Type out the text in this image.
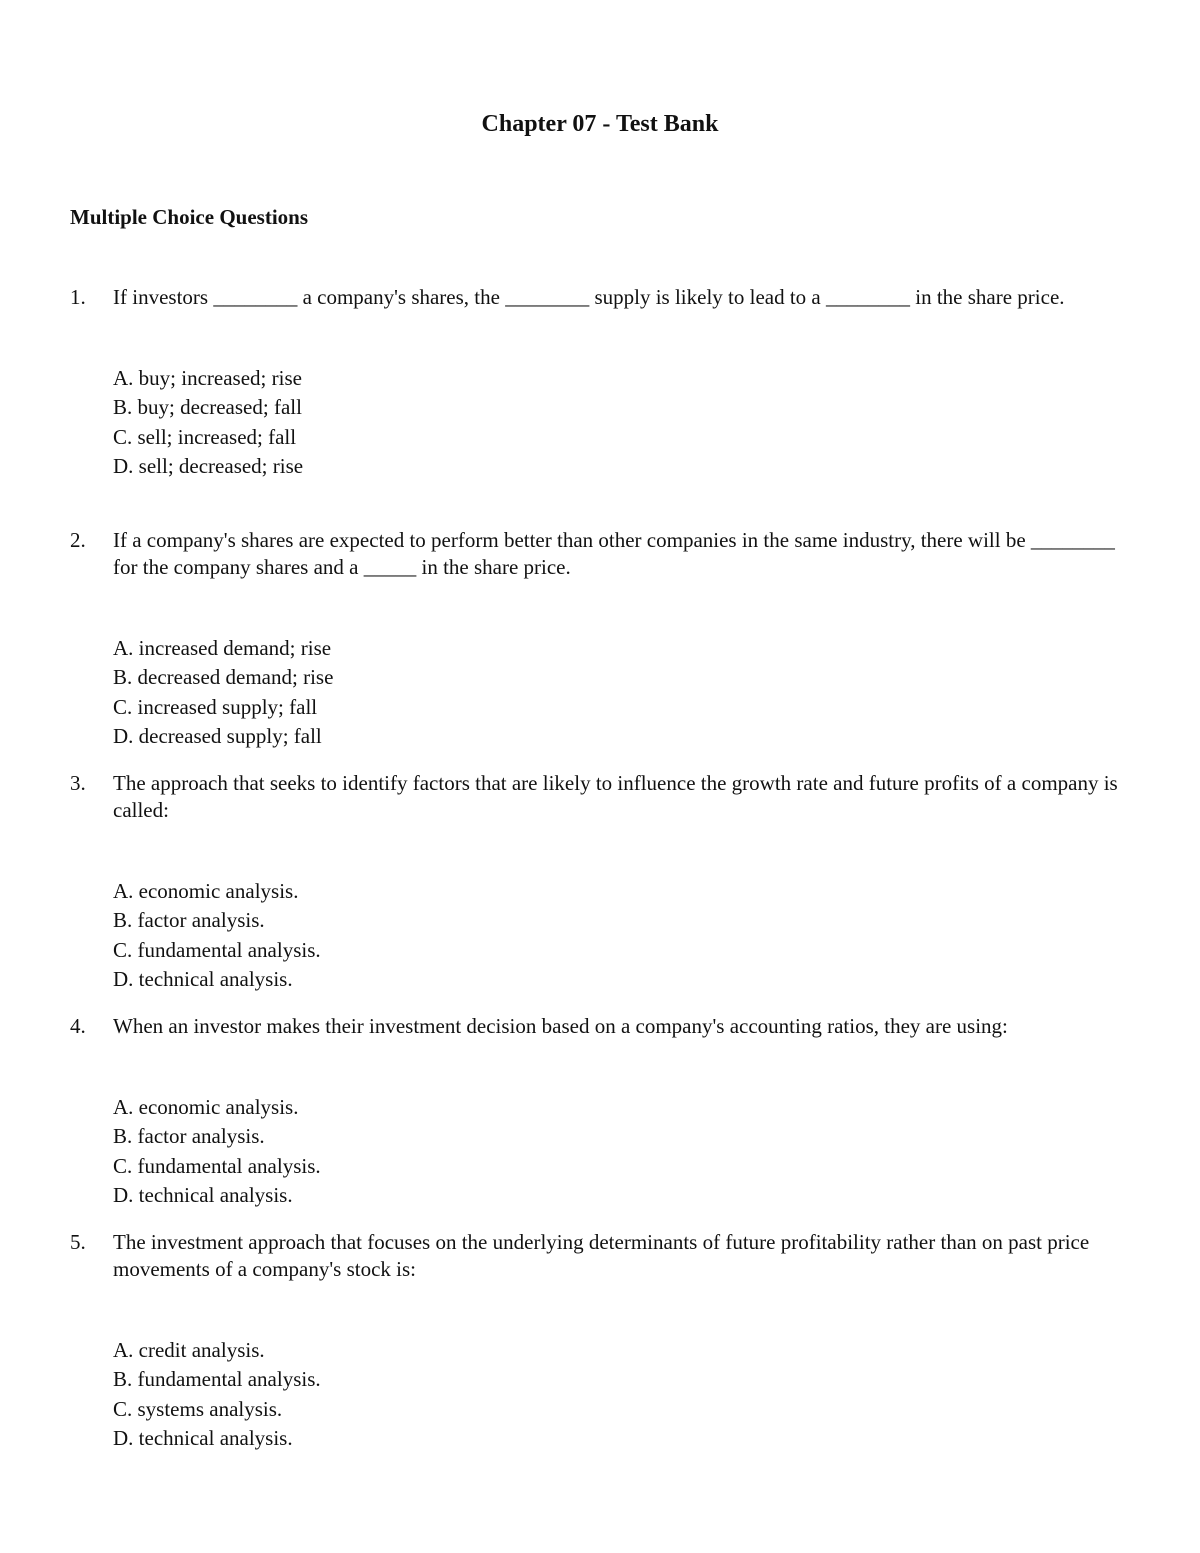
Chapter 07 - Test Bank
Multiple Choice Questions
1.	If investors ________ a company's shares, the ________ supply is likely to lead to a ________ in the share price.
A. buy; increased; rise
B. buy; decreased; fall
C. sell; increased; fall
D. sell; decreased; rise
2.	If a company's shares are expected to perform better than other companies in the same industry, there will be ________ for the company shares and a _____ in the share price.
A. increased demand; rise
B. decreased demand; rise
C. increased supply; fall
D. decreased supply; fall
3.	The approach that seeks to identify factors that are likely to influence the growth rate and future profits of a company is called:
A. economic analysis.
B. factor analysis.
C. fundamental analysis.
D. technical analysis.
4.	When an investor makes their investment decision based on a company's accounting ratios, they are using:
A. economic analysis.
B. factor analysis.
C. fundamental analysis.
D. technical analysis.
5.	The investment approach that focuses on the underlying determinants of future profitability rather than on past price movements of a company's stock is:
A. credit analysis.
B. fundamental analysis.
C. systems analysis.
D. technical analysis.
